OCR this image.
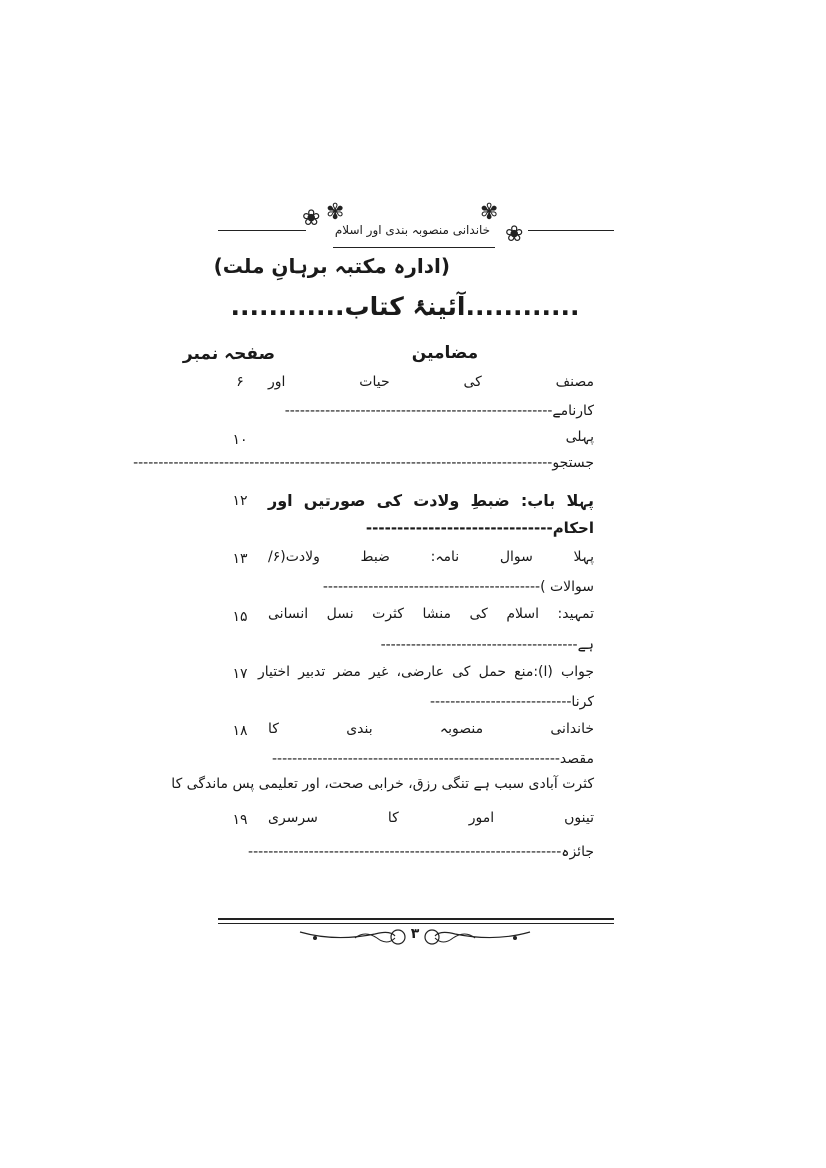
❀ ✾	✾
❀
خاندانی منصوبہ بندی اور اسلام
(ادارہ مکتبہ برہانِ ملت)
............آئینۂ کتاب............
صفحہ نمبر	مضامین
مصنف کی حیات اور
۶
کارنامے-----------------------------------------------------
پہلی
۱۰
جستجو-----------------------------------------------------------------------------------
پہلا باب: ضبطِ ولادت کی صورتیں اور
۱۲
احکام------------------------------
پہلا سوال نامہ: ضبط ولادت(۶/
۱۳
سوالات )-------------------------------------------
تمہید: اسلام کی منشا کثرت نسل انسانی
۱۵
ہے---------------------------------------
جواب (ا):منع حمل کی عارضی، غیر مضر تدبیر اختیار
۱۷
کرنا----------------------------
خاندانی منصوبہ بندی کا
۱۸
مقصد---------------------------------------------------------
کثرت آبادی سبب ہے تنگی رزق، خرابی صحت، اور تعلیمی پس ماندگی کا
تینوں امور کا سرسری
۱۹
جائزہ--------------------------------------------------------------
۳
